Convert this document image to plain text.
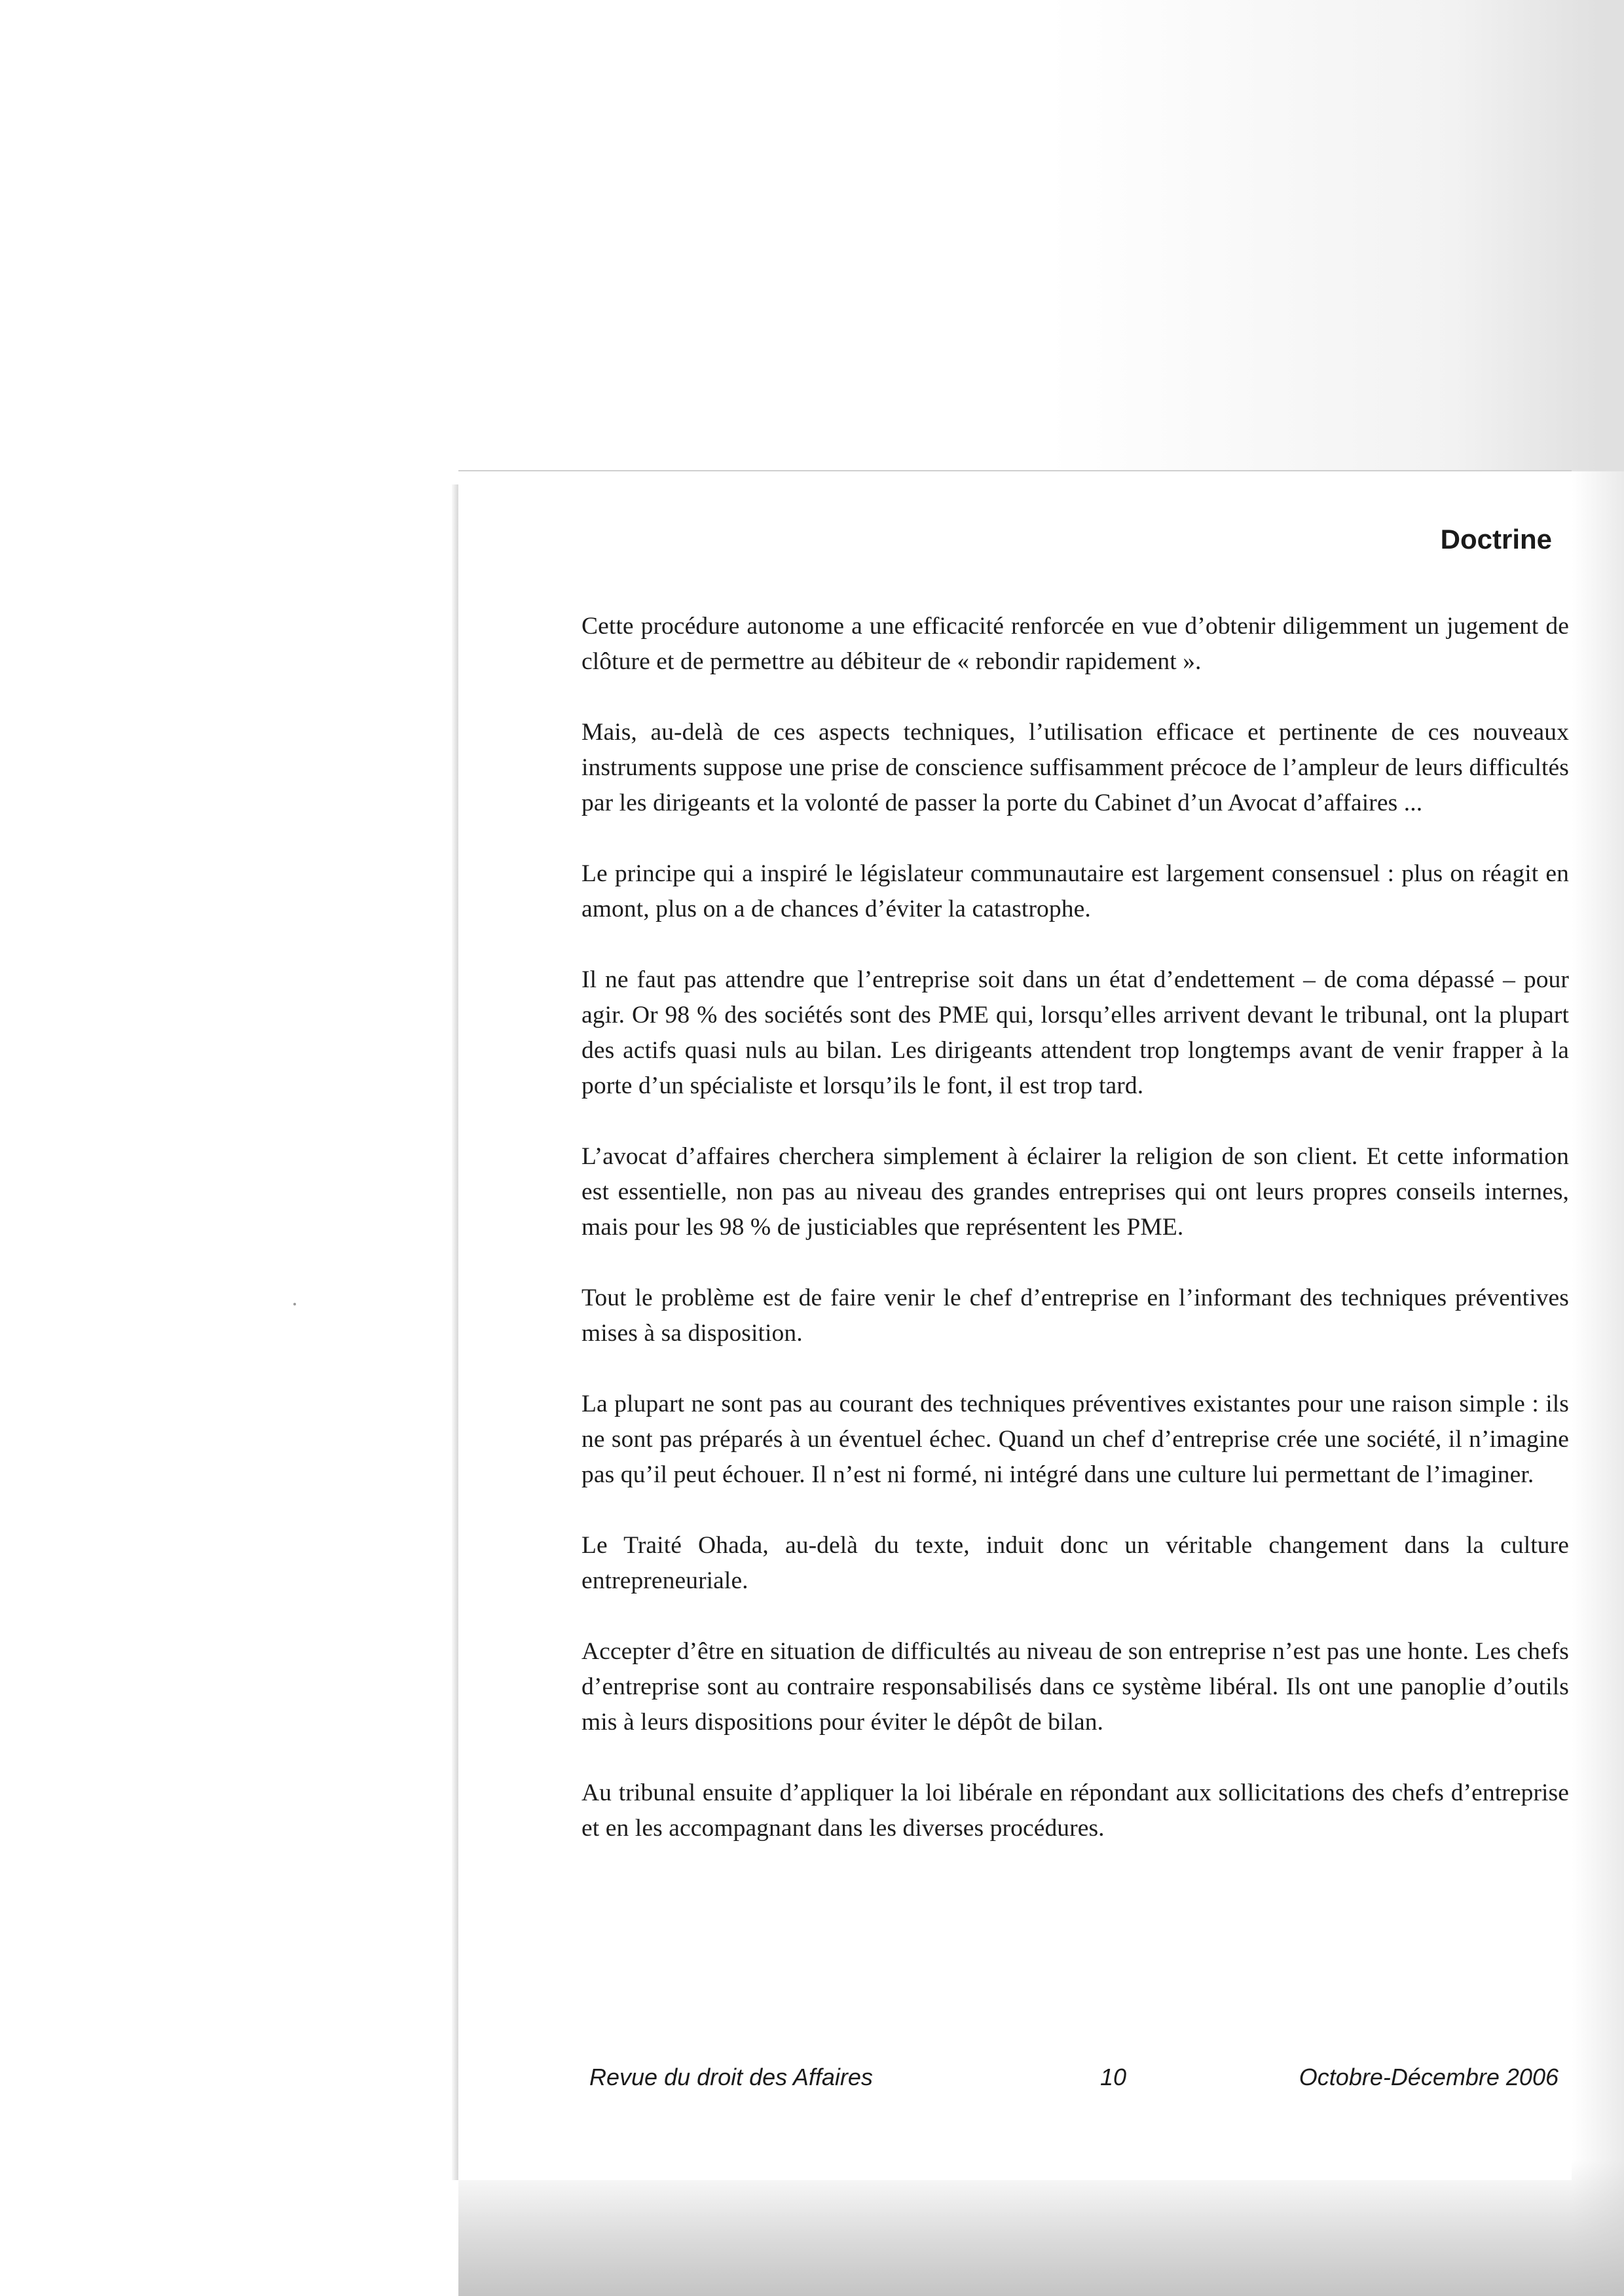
Doctrine

Cette procédure autonome a une efficacité renforcée en vue d’obtenir diligemment un jugement de clôture et de permettre au débiteur de « rebondir rapidement ».

Mais, au-delà de ces aspects techniques, l’utilisation efficace et pertinente de ces nouveaux instruments suppose une prise de conscience suffisamment précoce de l’ampleur de leurs difficultés par les dirigeants et la volonté de passer la porte du Cabinet d’un Avocat d’affaires ...

Le principe qui a inspiré le législateur communautaire est largement consensuel : plus on réagit en amont, plus on a de chances d’éviter la catastrophe.

Il ne faut pas attendre que l’entreprise soit dans un état d’endettement – de coma dépassé – pour agir. Or 98 % des sociétés sont des PME qui, lorsqu’elles arrivent devant le tribunal, ont la plupart des actifs quasi nuls au bilan. Les dirigeants attendent trop longtemps avant de venir frapper à la porte d’un spécialiste et lorsqu’ils le font, il est trop tard.

L’avocat d’affaires cherchera simplement à éclairer la religion de son client. Et cette information est essentielle, non pas au niveau des grandes entreprises qui ont leurs propres conseils internes, mais pour les 98 % de justiciables que représentent les PME.

Tout le problème est de faire venir le chef d’entreprise en l’informant des techniques préventives mises à sa disposition.

La plupart ne sont pas au courant des techniques préventives existantes pour une raison simple : ils ne sont pas préparés à un éventuel échec. Quand un chef d’entreprise crée une société, il n’imagine pas qu’il peut échouer. Il n’est ni formé, ni intégré dans une culture lui permettant de l’imaginer.

Le Traité Ohada, au-delà du texte, induit donc un véritable changement dans la culture entrepreneuriale.

Accepter d’être en situation de difficultés au niveau de son entreprise n’est pas une honte. Les chefs d’entreprise sont au contraire responsabilisés dans ce système libéral. Ils ont une panoplie d’outils mis à leurs dispositions pour éviter le dépôt de bilan.

Au tribunal ensuite d’appliquer la loi libérale en répondant aux sollicitations des chefs d’entreprise et en les accompagnant dans les diverses procédures.

Revue du droit des Affaires	10	Octobre-Décembre 2006
